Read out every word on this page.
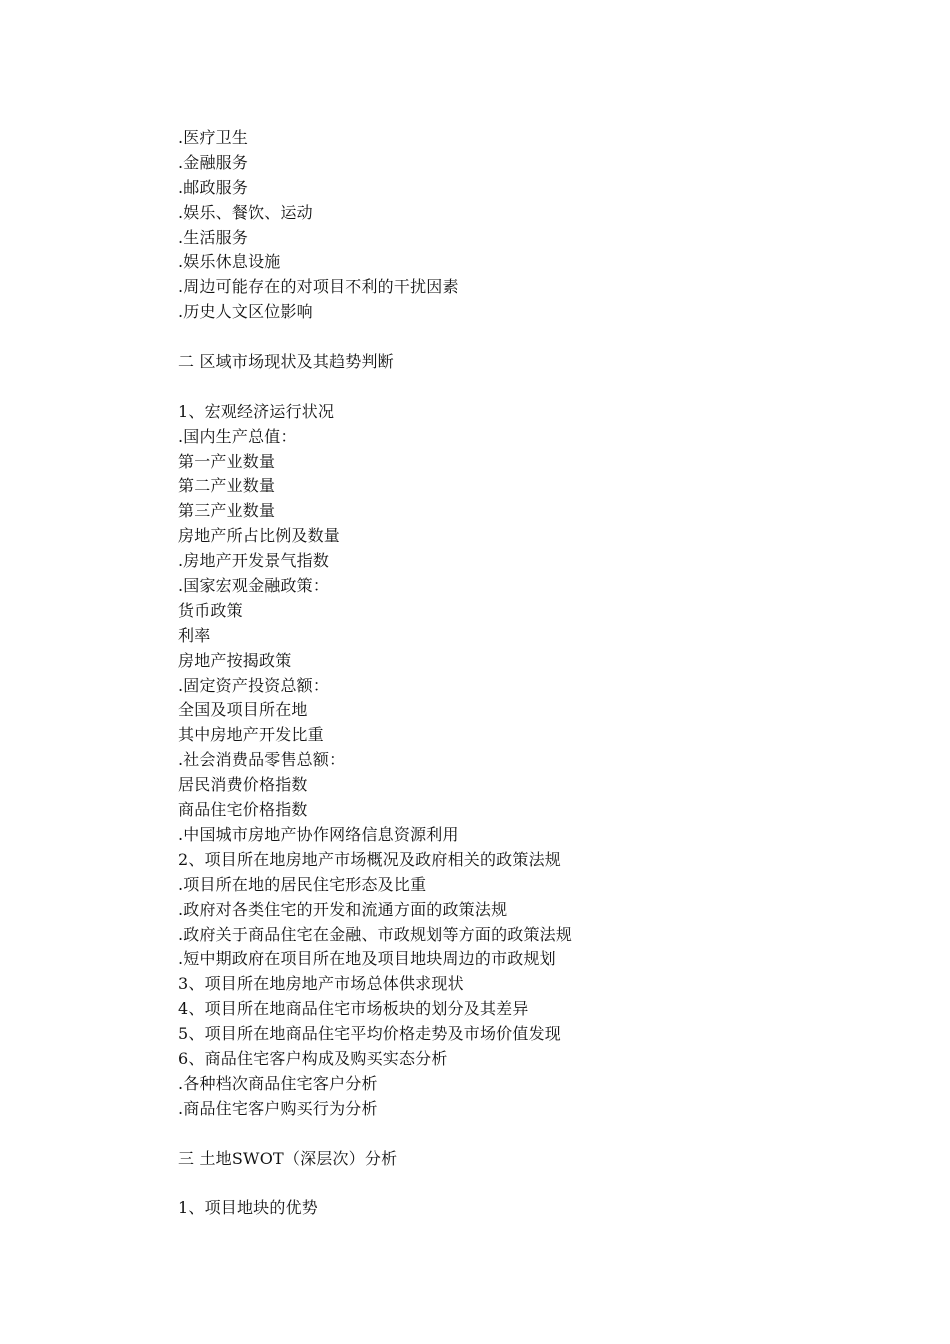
.医疗卫生
.金融服务
.邮政服务
.娱乐、餐饮、运动
.生活服务
.娱乐休息设施
.周边可能存在的对项目不利的干扰因素
.历史人文区位影响
二 区域市场现状及其趋势判断
1、宏观经济运行状况
.国内生产总值：
第一产业数量
第二产业数量
第三产业数量
房地产所占比例及数量
.房地产开发景气指数
.国家宏观金融政策：
货币政策
利率
房地产按揭政策
.固定资产投资总额：
全国及项目所在地
其中房地产开发比重
.社会消费品零售总额：
居民消费价格指数
商品住宅价格指数
.中国城市房地产协作网络信息资源利用
2、项目所在地房地产市场概况及政府相关的政策法规
.项目所在地的居民住宅形态及比重
.政府对各类住宅的开发和流通方面的政策法规
.政府关于商品住宅在金融、市政规划等方面的政策法规
.短中期政府在项目所在地及项目地块周边的市政规划
3、项目所在地房地产市场总体供求现状
4、项目所在地商品住宅市场板块的划分及其差异
5、项目所在地商品住宅平均价格走势及市场价值发现
6、商品住宅客户构成及购买实态分析
.各种档次商品住宅客户分析
.商品住宅客户购买行为分析
三 土地SWOT（深层次）分析
1、项目地块的优势
